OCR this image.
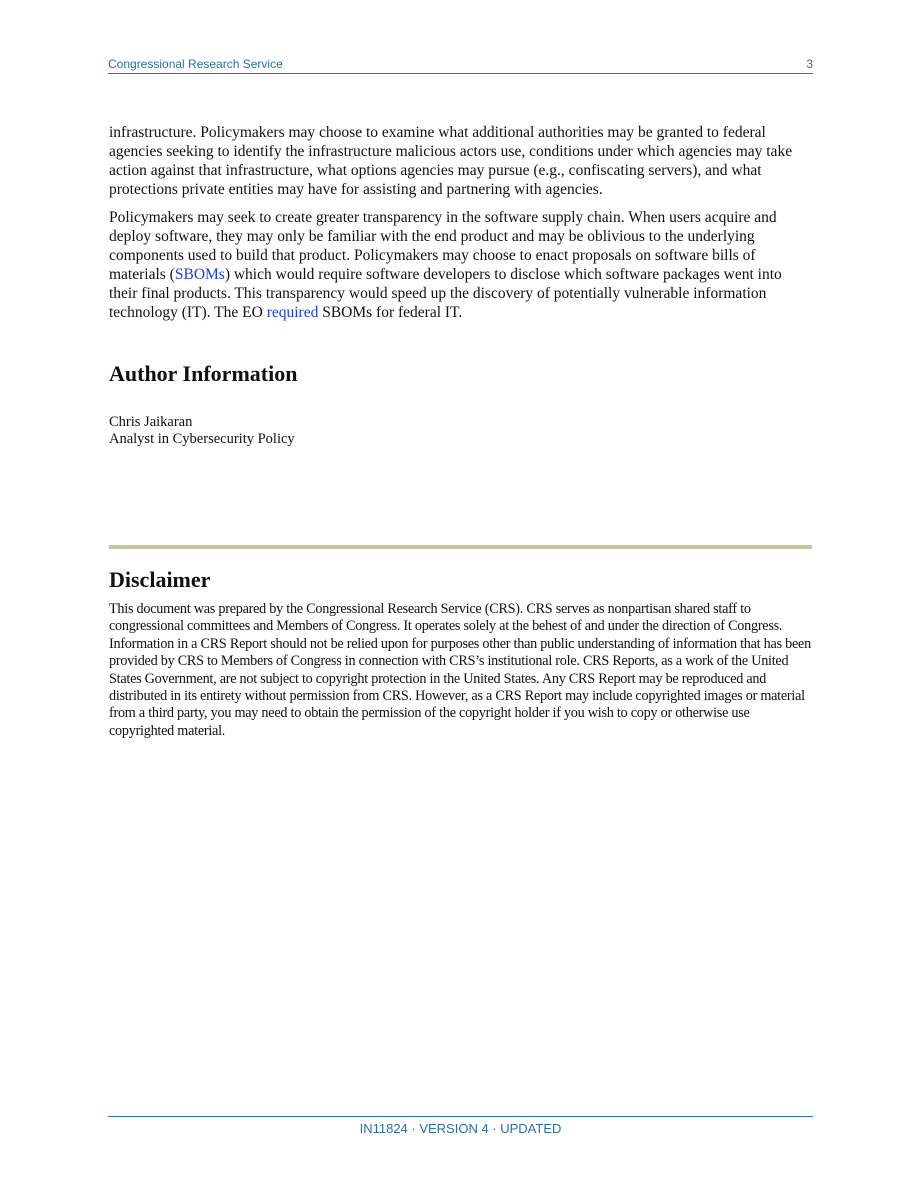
Congressional Research Service	3

infrastructure. Policymakers may choose to examine what additional authorities may be granted to federal agencies seeking to identify the infrastructure malicious actors use, conditions under which agencies may take action against that infrastructure, what options agencies may pursue (e.g., confiscating servers), and what protections private entities may have for assisting and partnering with agencies.

Policymakers may seek to create greater transparency in the software supply chain. When users acquire and deploy software, they may only be familiar with the end product and may be oblivious to the underlying components used to build that product. Policymakers may choose to enact proposals on software bills of materials (SBOMs) which would require software developers to disclose which software packages went into their final products. This transparency would speed up the discovery of potentially vulnerable information technology (IT). The EO required SBOMs for federal IT.

Author Information
Chris Jaikaran
Analyst in Cybersecurity Policy
Disclaimer

This document was prepared by the Congressional Research Service (CRS). CRS serves as nonpartisan shared staff to congressional committees and Members of Congress. It operates solely at the behest of and under the direction of Congress. Information in a CRS Report should not be relied upon for purposes other than public understanding of information that has been provided by CRS to Members of Congress in connection with CRS’s institutional role. CRS Reports, as a work of the United States Government, are not subject to copyright protection in the United States. Any CRS Report may be reproduced and distributed in its entirety without permission from CRS. However, as a CRS Report may include copyrighted images or material from a third party, you may need to obtain the permission of the copyright holder if you wish to copy or otherwise use copyrighted material.

IN11824 · VERSION 4 · UPDATED
